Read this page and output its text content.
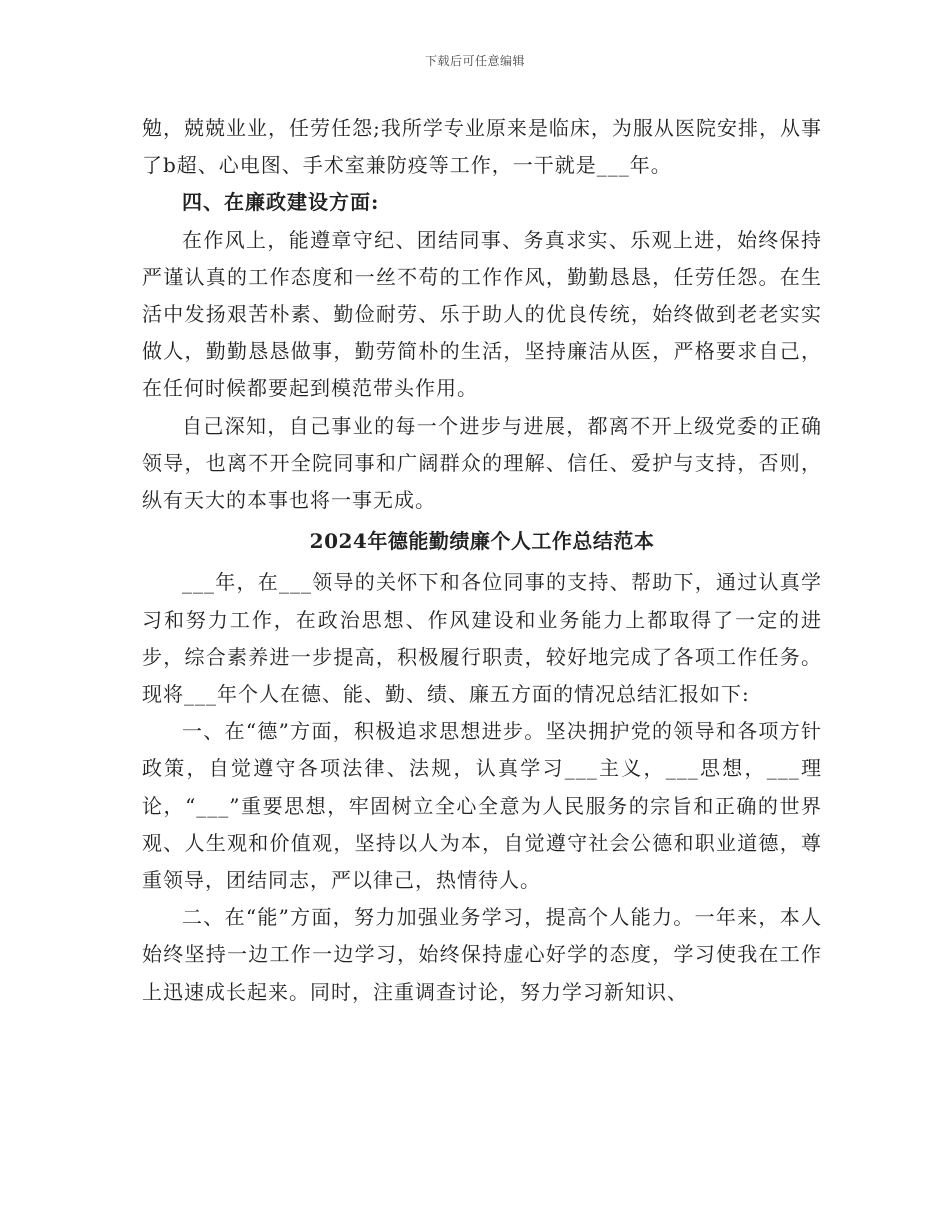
下载后可任意编辑

勉，兢兢业业，任劳任怨;我所学专业原来是临床，为服从医院安排，从事了b超、心电图、手术室兼防疫等工作，一干就是___年。

四、在廉政建设方面:

在作风上，能遵章守纪、团结同事、务真求实、乐观上进，始终保持严谨认真的工作态度和一丝不苟的工作作风，勤勤恳恳，任劳任怨。在生活中发扬艰苦朴素、勤俭耐劳、乐于助人的优良传统，始终做到老老实实做人，勤勤恳恳做事，勤劳简朴的生活，坚持廉洁从医，严格要求自己，在任何时候都要起到模范带头作用。

自己深知，自己事业的每一个进步与进展，都离不开上级党委的正确领导，也离不开全院同事和广阔群众的理解、信任、爱护与支持，否则，纵有天大的本事也将一事无成。

2024年德能勤绩廉个人工作总结范本

___年，在___领导的关怀下和各位同事的支持、帮助下，通过认真学习和努力工作，在政治思想、作风建设和业务能力上都取得了一定的进步，综合素养进一步提高，积极履行职责，较好地完成了各项工作任务。现将___年个人在德、能、勤、绩、廉五方面的情况总结汇报如下:

一、在“德”方面，积极追求思想进步。坚决拥护党的领导和各项方针政策，自觉遵守各项法律、法规，认真学习___主义，___思想，___理论，“___”重要思想，牢固树立全心全意为人民服务的宗旨和正确的世界观、人生观和价值观，坚持以人为本，自觉遵守社会公德和职业道德，尊重领导，团结同志，严以律己，热情待人。

二、在“能”方面，努力加强业务学习，提高个人能力。一年来，本人始终坚持一边工作一边学习，始终保持虚心好学的态度，学习使我在工作上迅速成长起来。同时，注重调查讨论，努力学习新知识、
